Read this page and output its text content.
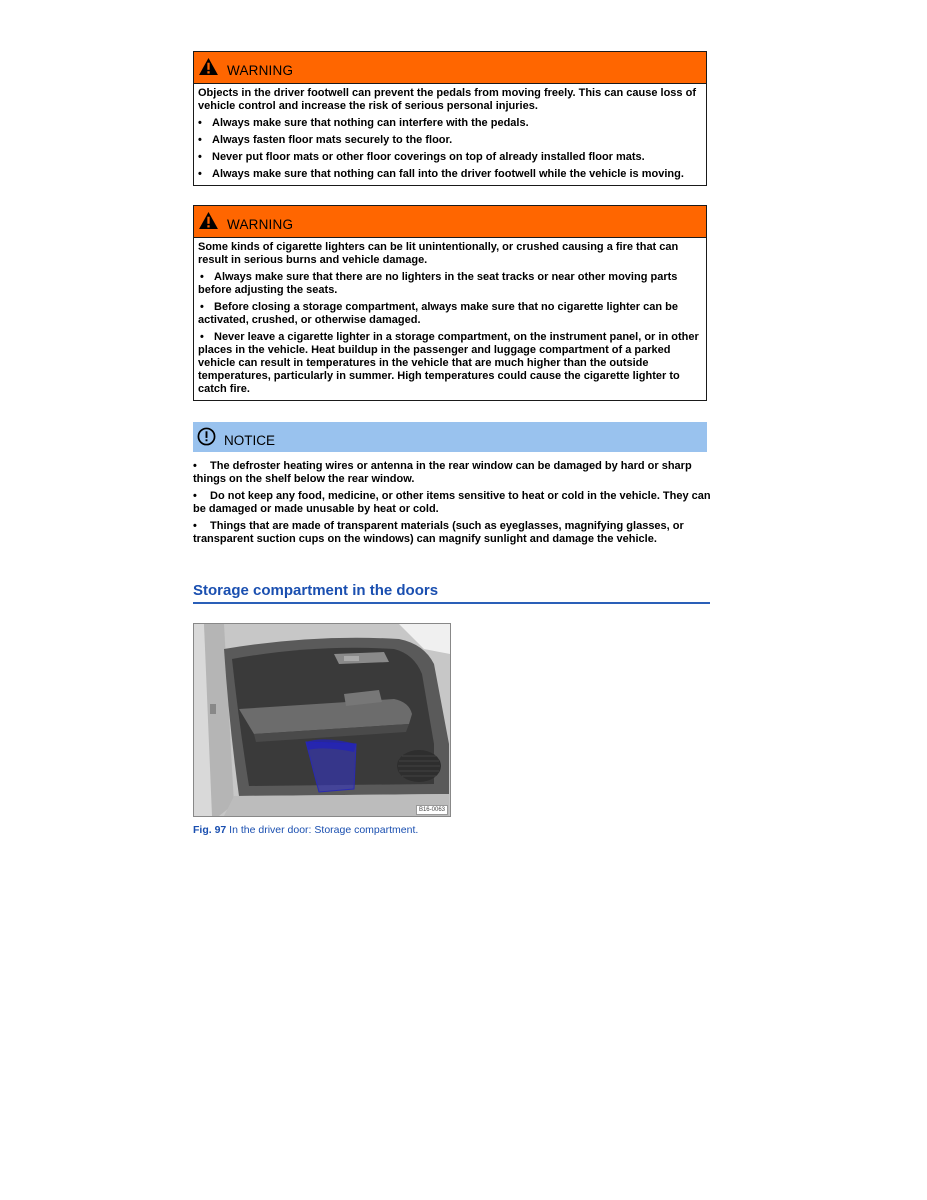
WARNING

Objects in the driver footwell can prevent the pedals from moving freely. This can cause loss of vehicle control and increase the risk of serious personal injuries.

• Always make sure that nothing can interfere with the pedals.
• Always fasten floor mats securely to the floor.
• Never put floor mats or other floor coverings on top of already installed floor mats.
• Always make sure that nothing can fall into the driver footwell while the vehicle is moving.
WARNING

Some kinds of cigarette lighters can be lit unintentionally, or crushed causing a fire that can result in serious burns and vehicle damage.

• Always make sure that there are no lighters in the seat tracks or near other moving parts before adjusting the seats.
• Before closing a storage compartment, always make sure that no cigarette lighter can be activated, crushed, or otherwise damaged.
• Never leave a cigarette lighter in a storage compartment, on the instrument panel, or in other places in the vehicle. Heat buildup in the passenger and luggage compartment of a parked vehicle can result in temperatures in the vehicle that are much higher than the outside temperatures, particularly in summer. High temperatures could cause the cigarette lighter to catch fire.
NOTICE

• The defroster heating wires or antenna in the rear window can be damaged by hard or sharp things on the shelf below the rear window.

• Do not keep any food, medicine, or other items sensitive to heat or cold in the vehicle. They can be damaged or made unusable by heat or cold.

• Things that are made of transparent materials (such as eyeglasses, magnifying glasses, or transparent suction cups on the windows) can magnify sunlight and damage the vehicle.

Storage compartment in the doors
B16-0063
Fig. 97 In the driver door: Storage compartment.
